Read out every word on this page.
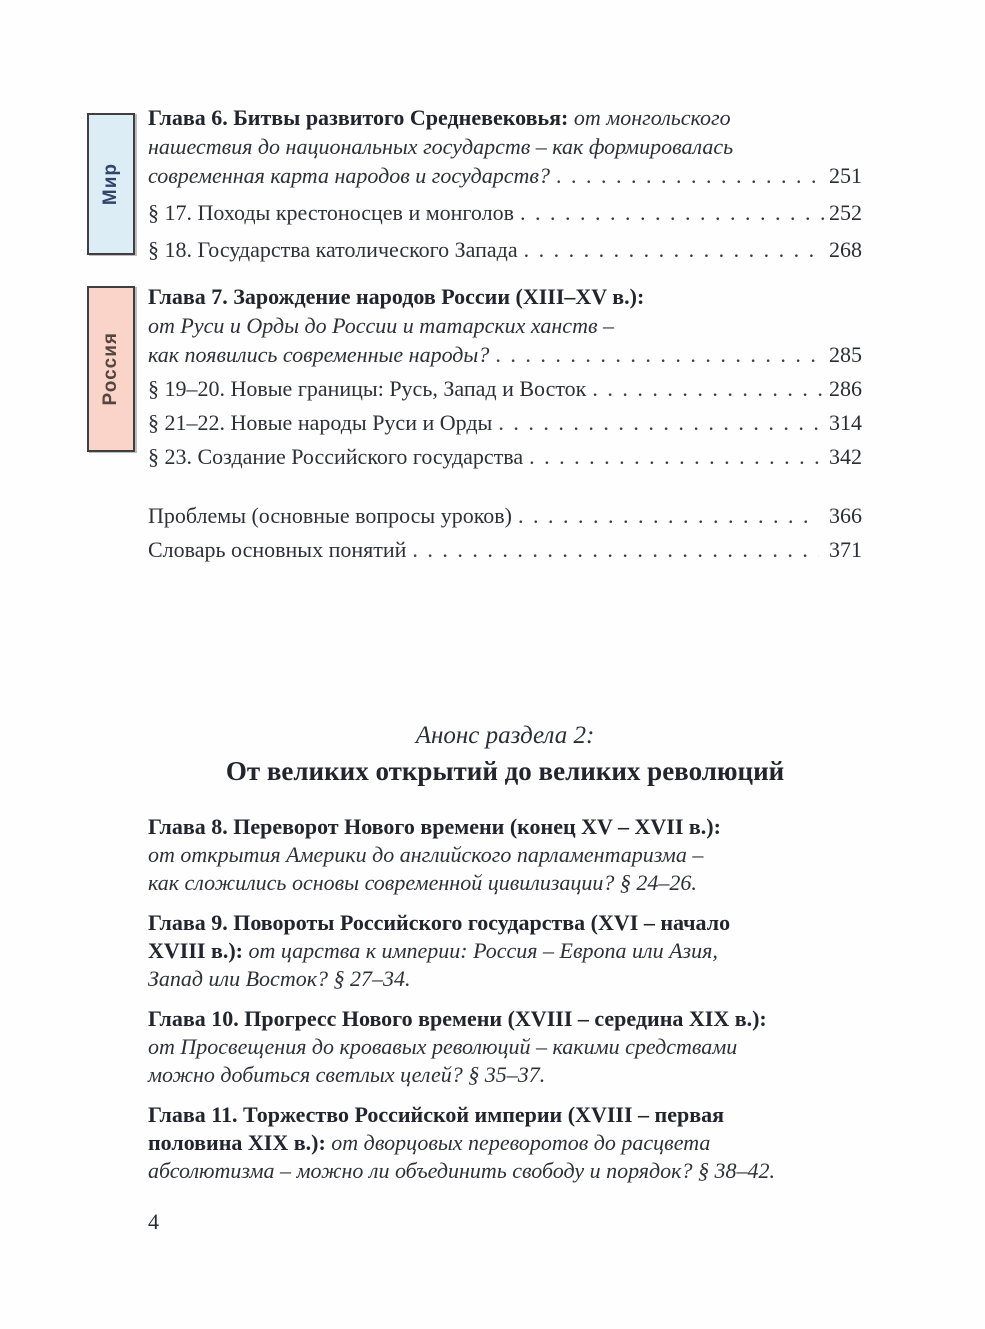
Мир
Россия
Глава 6. Битвы развитого Средневековья: от монгольского
нашествия до национальных государств – как формировалась
современная карта народов и государств? . . .	251
§ 17. Походы крестоносцев и монголов . . .	252
§ 18. Государства католического Запада . . .	268
Глава 7. Зарождение народов России (XIII–XV в.):
от Руси и Орды до России и татарских ханств –
как появились современные народы? . . .	285
§ 19–20. Новые границы: Русь, Запад и Восток . . .	286
§ 21–22. Новые народы Руси и Орды . . .	314
§ 23. Создание Российского государства . . .	342
Проблемы (основные вопросы уроков) . . .	366
Словарь основных понятий . . .	371
Анонс раздела 2:
От великих открытий до великих революций
Глава 8. Переворот Нового времени (конец XV – XVII в.):
от открытия Америки до английского парламентаризма –
как сложились основы современной цивилизации? § 24–26.
Глава 9. Повороты Российского государства (XVI – начало
XVIII в.): от царства к империи: Россия – Европа или Азия,
Запад или Восток? § 27–34.
Глава 10. Прогресс Нового времени (XVIII – середина XIX в.):
от Просвещения до кровавых революций – какими средствами
можно добиться светлых целей? § 35–37.
Глава 11. Торжество Российской империи (XVIII – первая
половина XIX в.): от дворцовых переворотов до расцвета
абсолютизма – можно ли объединить свободу и порядок? § 38–42.
4
